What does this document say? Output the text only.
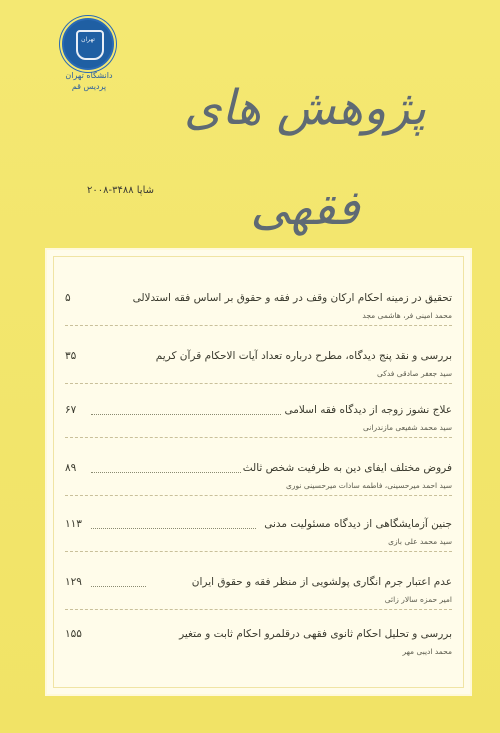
تهران
دانشگاه تهران
پردیس قم	پژوهش های فقهی
شاپا ۳۴۸۸-۲۰۰۸
تحقیق در زمینه احکام ارکان وقف در فقه و حقوق بر اساس فقه استدلالی
۵
محمد امینی فر، هاشمی مجد
بررسی و نقد پنج دیدگاه، مطرح درباره تعداد آیات الاحکام قرآن کریم
۳۵
سید جعفر صادقی فدکی
علاج نشوز زوجه از دیدگاه فقه اسلامی
۶۷
سید محمد شفیعی مازندرانی
فروض مختلف ایفای دین به ظرفیت شخص ثالث
۸۹
سید احمد میرحسینی، فاطمه سادات میرحسینی نوری
جنین آزمایشگاهی از دیدگاه مسئولیت مدنی
۱۱۳
سید محمد علی بازی
عدم اعتبار جرم انگاری پولشویی از منظر فقه و حقوق ایران
۱۲۹
امیر حمزه سالار زائی
بررسی و تحلیل احکام ثانوی فقهی درقلمرو احکام ثابت و متغیر
۱۵۵
محمد ادیبی مهر
